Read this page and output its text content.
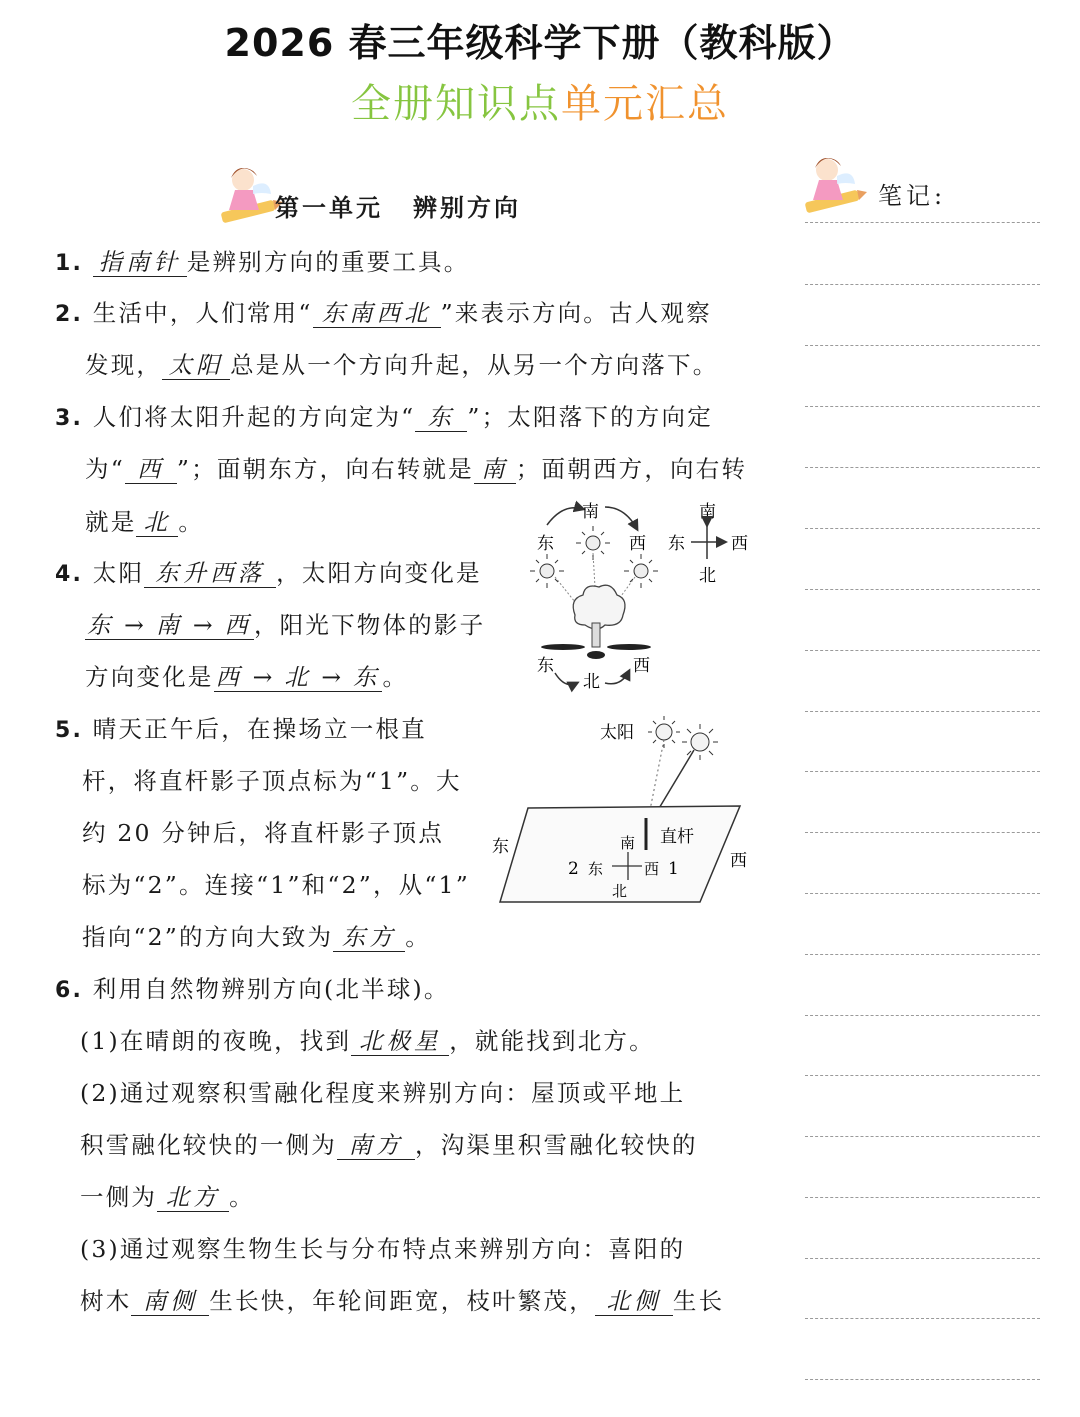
2026 春三年级科学下册（教科版）
全册知识点单元汇总
第一单元 辨别方向	笔记:
1. 指南针 是辨别方向的重要工具。
2. 生活中，人们常用“ 东南西北 ”来表示方向。古人观察
发现， 太阳 总是从一个方向升起，从另一个方向落下。
3. 人们将太阳升起的方向定为“ 东 ”；太阳落下的方向定
为“ 西 ”；面朝东方，向右转就是 南 ；面朝西方，向右转
就是 北 。
4. 太阳 东升西落 ，太阳方向变化是
东 → 南 → 西，阳光下物体的影子
方向变化是西 → 北 → 东。
5. 晴天正午后，在操场立一根直
杆，将直杆影子顶点标为“1”。大
约 20 分钟后，将直杆影子顶点
标为“2”。连接“1”和“2”，从“1”
指向“2”的方向大致为 东方 。
6. 利用自然物辨别方向(北半球)。
(1)在晴朗的夜晚，找到 北极星 ，就能找到北方。
(2)通过观察积雪融化程度来辨别方向：屋顶或平地上
积雪融化较快的一侧为 南方 ，沟渠里积雪融化较快的
一侧为 北方 。
(3)通过观察生物生长与分布特点来辨别方向：喜阳的
树木 南侧 生长快，年轮间距宽，枝叶繁茂， 北侧 生长
南
东	西
东
北
西
南
东	西
北
太阳
东
西
直杆
南
2 东	西 1
北
